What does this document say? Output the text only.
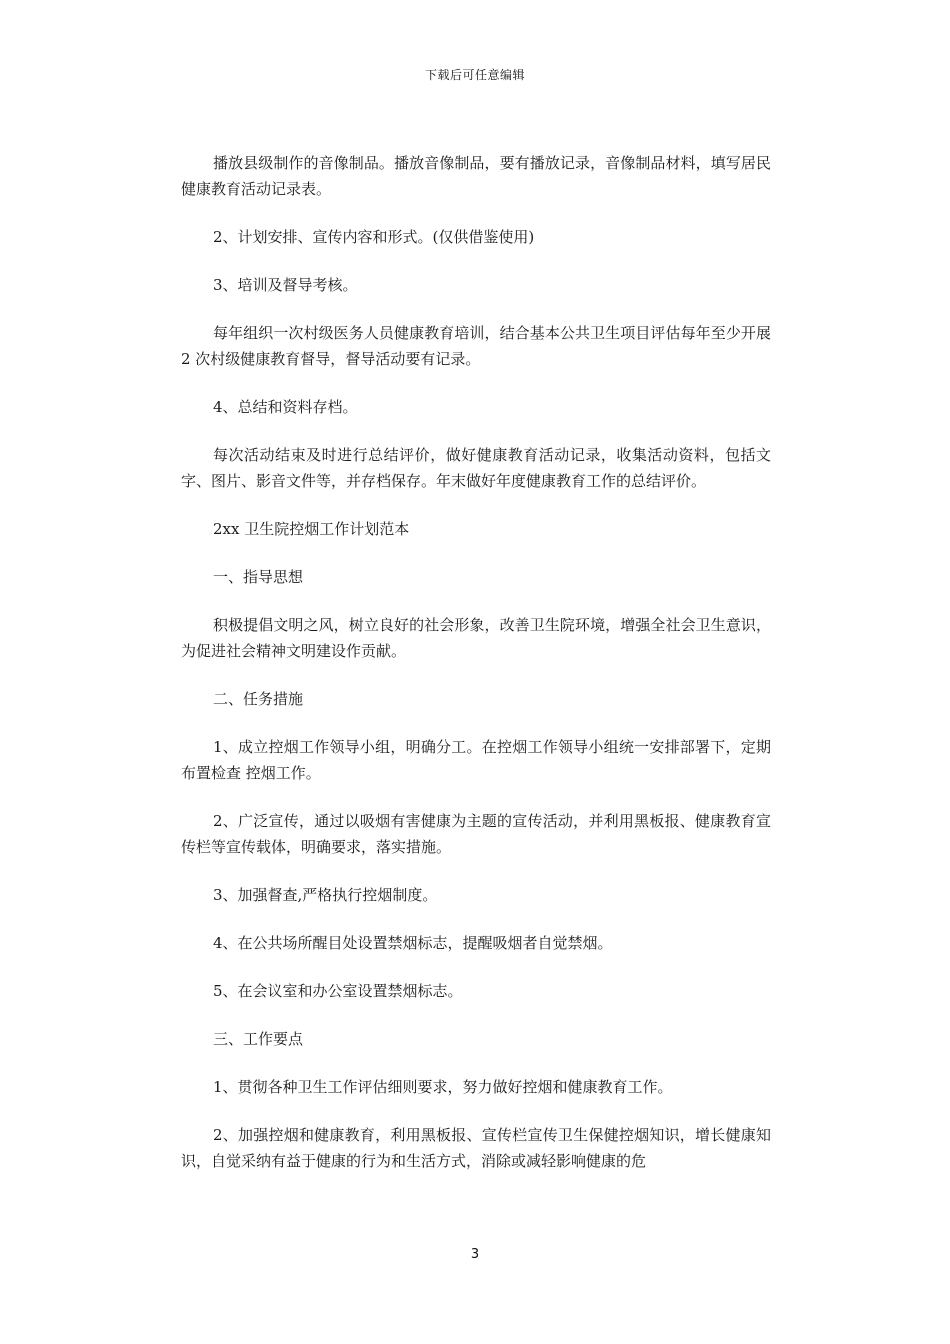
下载后可任意编辑

播放县级制作的音像制品。播放音像制品，要有播放记录，音像制品材料，填写居民健康教育活动记录表。

2、计划安排、宣传内容和形式。(仅供借鉴使用)

3、培训及督导考核。

每年组织一次村级医务人员健康教育培训，结合基本公共卫生项目评估每年至少开展 2 次村级健康教育督导，督导活动要有记录。

4、总结和资料存档。

每次活动结束及时进行总结评价，做好健康教育活动记录，收集活动资料，包括文字、图片、影音文件等，并存档保存。年末做好年度健康教育工作的总结评价。

2xx 卫生院控烟工作计划范本

一、指导思想

积极提倡文明之风，树立良好的社会形象，改善卫生院环境，增强全社会卫生意识，为促进社会精神文明建设作贡献。

二、任务措施

1、成立控烟工作领导小组，明确分工。在控烟工作领导小组统一安排部署下，定期布置检查 控烟工作。

2、广泛宣传，通过以吸烟有害健康为主题的宣传活动，并利用黑板报、健康教育宣传栏等宣传载体，明确要求，落实措施。

3、加强督查,严格执行控烟制度。

4、在公共场所醒目处设置禁烟标志，提醒吸烟者自觉禁烟。

5、在会议室和办公室设置禁烟标志。

三、工作要点

1、贯彻各种卫生工作评估细则要求，努力做好控烟和健康教育工作。

2、加强控烟和健康教育，利用黑板报、宣传栏宣传卫生保健控烟知识，增长健康知识，自觉采纳有益于健康的行为和生活方式，消除或减轻影响健康的危

3
